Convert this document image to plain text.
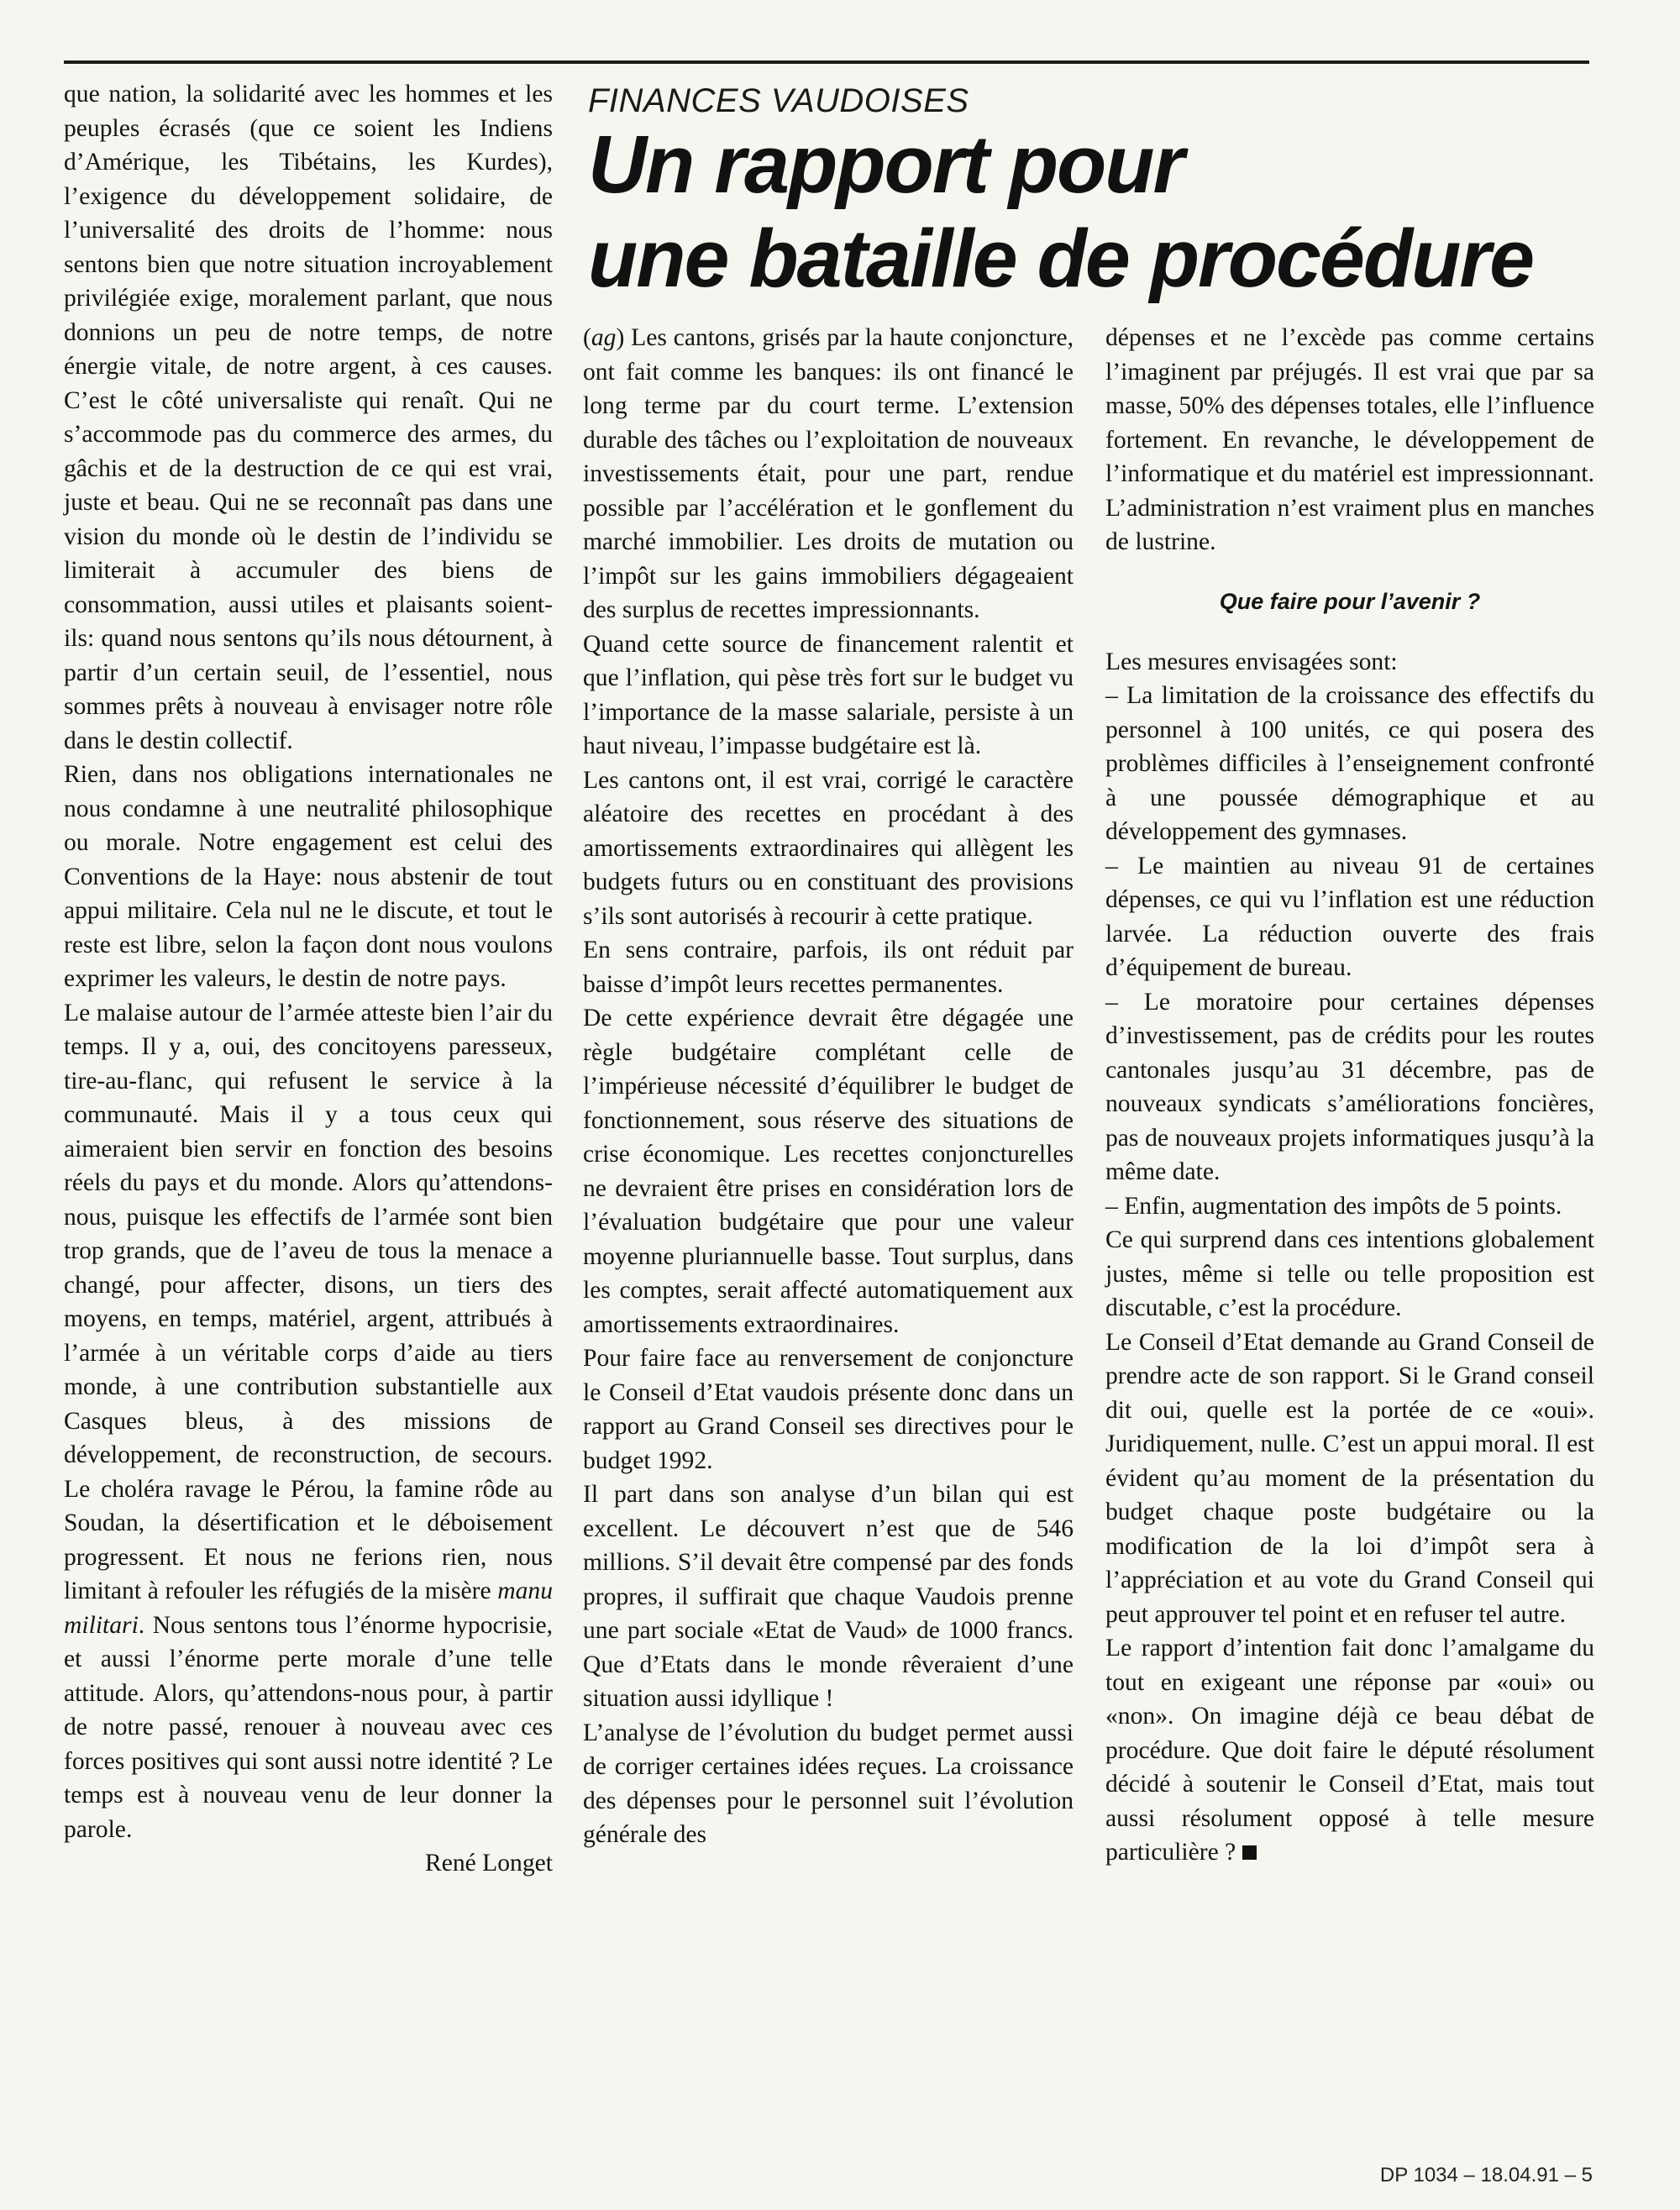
que nation, la solidarité avec les hommes et les peuples écrasés (que ce soient les Indiens d’Amérique, les Tibétains, les Kurdes), l’exigence du développement solidaire, de l’universalité des droits de l’homme: nous sentons bien que notre situation incroyablement privilégiée exige, moralement parlant, que nous donnions un peu de notre temps, de notre énergie vitale, de notre argent, à ces causes. C’est le côté universaliste qui renaît. Qui ne s’accommode pas du commerce des armes, du gâchis et de la destruction de ce qui est vrai, juste et beau. Qui ne se reconnaît pas dans une vision du monde où le destin de l’individu se limiterait à accumuler des biens de consommation, aussi utiles et plaisants soient-ils: quand nous sentons qu’ils nous détournent, à partir d’un certain seuil, de l’essentiel, nous sommes prêts à nouveau à envisager notre rôle dans le destin collectif.

Rien, dans nos obligations internationales ne nous condamne à une neutralité philosophique ou morale. Notre engagement est celui des Conventions de la Haye: nous abstenir de tout appui militaire. Cela nul ne le discute, et tout le reste est libre, selon la façon dont nous voulons exprimer les valeurs, le destin de notre pays.

Le malaise autour de l’armée atteste bien l’air du temps. Il y a, oui, des concitoyens paresseux, tire-au-flanc, qui refusent le service à la communauté. Mais il y a tous ceux qui aimeraient bien servir en fonction des besoins réels du pays et du monde. Alors qu’attendons-nous, puisque les effectifs de l’armée sont bien trop grands, que de l’aveu de tous la menace a changé, pour affecter, disons, un tiers des moyens, en temps, matériel, argent, attribués à l’armée à un véritable corps d’aide au tiers monde, à une contribution substantielle aux Casques bleus, à des missions de développement, de reconstruction, de secours. Le choléra ravage le Pérou, la famine rôde au Soudan, la désertification et le déboisement progressent. Et nous ne ferions rien, nous limitant à refouler les réfugiés de la misère manu militari. Nous sentons tous l’énorme hypocrisie, et aussi l’énorme perte morale d’une telle attitude. Alors, qu’attendons-nous pour, à partir de notre passé, renouer à nouveau avec ces forces positives qui sont aussi notre identité ? Le temps est à nouveau venu de leur donner la parole.

René Longet

FINANCES VAUDOISES
Un rapport pour
une bataille de procédure

(ag) Les cantons, grisés par la haute conjoncture, ont fait comme les banques: ils ont financé le long terme par du court terme. L’extension durable des tâches ou l’exploitation de nouveaux investissements était, pour une part, rendue possible par l’accélération et le gonflement du marché immobilier. Les droits de mutation ou l’impôt sur les gains immobiliers dégageaient des surplus de recettes impressionnants.

Quand cette source de financement ralentit et que l’inflation, qui pèse très fort sur le budget vu l’importance de la masse salariale, persiste à un haut niveau, l’impasse budgétaire est là.

Les cantons ont, il est vrai, corrigé le caractère aléatoire des recettes en procédant à des amortissements extraordinaires qui allègent les budgets futurs ou en constituant des provisions s’ils sont autorisés à recourir à cette pratique.

En sens contraire, parfois, ils ont réduit par baisse d’impôt leurs recettes permanentes.

De cette expérience devrait être dégagée une règle budgétaire complétant celle de l’impérieuse nécessité d’équilibrer le budget de fonctionnement, sous réserve des situations de crise économique. Les recettes conjoncturelles ne devraient être prises en considération lors de l’évaluation budgétaire que pour une valeur moyenne pluriannuelle basse. Tout surplus, dans les comptes, serait affecté automatiquement aux amortissements extraordinaires.

Pour faire face au renversement de conjoncture le Conseil d’Etat vaudois présente donc dans un rapport au Grand Conseil ses directives pour le budget 1992.

Il part dans son analyse d’un bilan qui est excellent. Le découvert n’est que de 546 millions. S’il devait être compensé par des fonds propres, il suffirait que chaque Vaudois prenne une part sociale «Etat de Vaud» de 1000 francs. Que d’Etats dans le monde rêveraient d’une situation aussi idyllique !

L’analyse de l’évolution du budget permet aussi de corriger certaines idées reçues. La croissance des dépenses pour le personnel suit l’évolution générale des

dépenses et ne l’excède pas comme certains l’imaginent par préjugés. Il est vrai que par sa masse, 50% des dépenses totales, elle l’influence fortement. En revanche, le développement de l’informatique et du matériel est impressionnant. L’administration n’est vraiment plus en manches de lustrine.

Que faire pour l’avenir ?

Les mesures envisagées sont:

– La limitation de la croissance des effectifs du personnel à 100 unités, ce qui posera des problèmes difficiles à l’enseignement confronté à une poussée démographique et au développement des gymnases.

– Le maintien au niveau 91 de certaines dépenses, ce qui vu l’inflation est une réduction larvée. La réduction ouverte des frais d’équipement de bureau.

– Le moratoire pour certaines dépenses d’investissement, pas de crédits pour les routes cantonales jusqu’au 31 décembre, pas de nouveaux syndicats s’améliorations foncières, pas de nouveaux projets informatiques jusqu’à la même date.

– Enfin, augmentation des impôts de 5 points.

Ce qui surprend dans ces intentions globalement justes, même si telle ou telle proposition est discutable, c’est la procédure.

Le Conseil d’Etat demande au Grand Conseil de prendre acte de son rapport. Si le Grand conseil dit oui, quelle est la portée de ce «oui». Juridiquement, nulle. C’est un appui moral. Il est évident qu’au moment de la présentation du budget chaque poste budgétaire ou la modification de la loi d’impôt sera à l’appréciation et au vote du Grand Conseil qui peut approuver tel point et en refuser tel autre.

Le rapport d’intention fait donc l’amalgame du tout en exigeant une réponse par «oui» ou «non». On imagine déjà ce beau débat de procédure. Que doit faire le député résolument décidé à soutenir le Conseil d’Etat, mais tout aussi résolument opposé à telle mesure particulière ?

DP 1034 – 18.04.91 – 5
